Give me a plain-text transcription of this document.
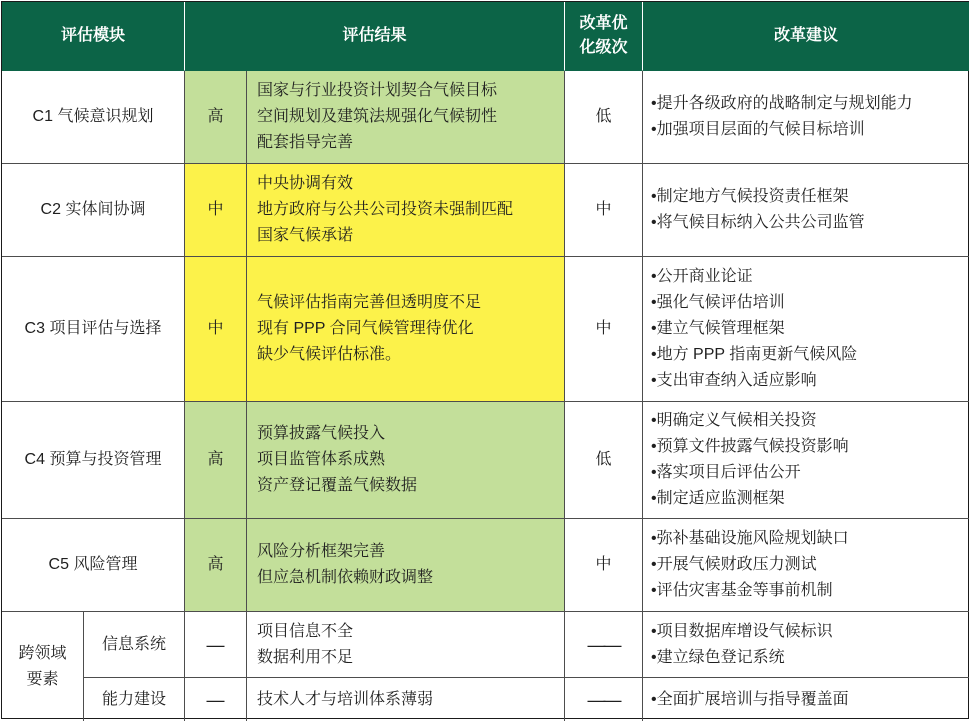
评估模块	评估结果
改革优
化级次
改革建议
C1 气候意识规划	高
国家与行业投资计划契合气候目标
空间规划及建筑法规强化气候韧性
配套指导完善
低
• 提升各级政府的战略制定与规划能力
• 加强项目层面的气候目标培训
C2 实体间协调	中
中央协调有效
地方政府与公共公司投资未强制匹配
国家气候承诺
中
• 制定地方气候投资责任框架
• 将气候目标纳入公共公司监管
C3 项目评估与选择	中
气候评估指南完善但透明度不足
现有 PPP 合同气候管理待优化
缺少气候评估标准。
中
• 公开商业论证
• 强化气候评估培训
• 建立气候管理框架
• 地方 PPP 指南更新气候风险
• 支出审查纳入适应影响
C4 预算与投资管理	高
预算披露气候投入
项目监管体系成熟
资产登记覆盖气候数据
低
• 明确定义气候相关投资
• 预算文件披露气候投资影响
• 落实项目后评估公开
• 制定适应监测框架
C5 风险管理	高
风险分析框架完善
但应急机制依赖财政调整
中
• 弥补基础设施风险规划缺口
• 开展气候财政压力测试
• 评估灾害基金等事前机制
跨领域
要素
信息系统	—
项目信息不全
数据利用不足
——
• 项目数据库增设气候标识
• 建立绿色登记系统
能力建设	—	技术人才与培训体系薄弱	——
•	全面扩展培训与指导覆盖面
